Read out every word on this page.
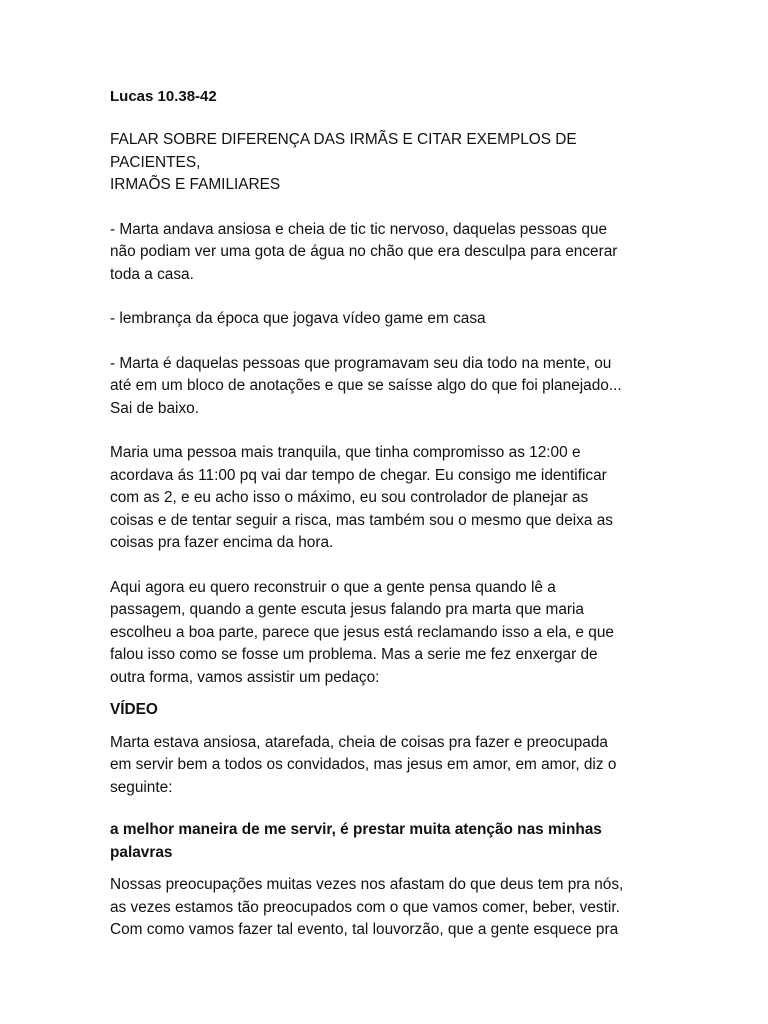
Lucas 10.38-42

FALAR SOBRE DIFERENÇA DAS IRMÃS E CITAR EXEMPLOS DE PACIENTES,
IRMAÕS E FAMILIARES

- Marta andava ansiosa e cheia de tic tic nervoso, daquelas pessoas que
não podiam ver uma gota de água no chão que era desculpa para encerar
toda a casa.

- lembrança da época que jogava vídeo game em casa

- Marta é daquelas pessoas que programavam seu dia todo na mente, ou
até em um bloco de anotações e que se saísse algo do que foi planejado...
Sai de baixo.

Maria uma pessoa mais tranquila, que tinha compromisso as 12:00 e
acordava ás 11:00 pq vai dar tempo de chegar. Eu consigo me identificar
com as 2, e eu acho isso o máximo, eu sou controlador de planejar as
coisas e de tentar seguir a risca, mas também sou o mesmo que deixa as
coisas pra fazer encima da hora.

Aqui agora eu quero reconstruir o que a gente pensa quando lê a
passagem, quando a gente escuta jesus falando pra marta que maria
escolheu a boa parte, parece que jesus está reclamando isso a ela, e que
falou isso como se fosse um problema. Mas a serie me fez enxergar de
outra forma, vamos assistir um pedaço:

VÍDEO

Marta estava ansiosa, atarefada, cheia de coisas pra fazer e preocupada
em servir bem a todos os convidados, mas jesus em amor, em amor, diz o
seguinte:

a melhor maneira de me servir, é prestar muita atenção nas minhas
palavras

Nossas preocupações muitas vezes nos afastam do que deus tem pra nós,
as vezes estamos tão preocupados com o que vamos comer, beber, vestir.
Com como vamos fazer tal evento, tal louvorzão, que a gente esquece pra
